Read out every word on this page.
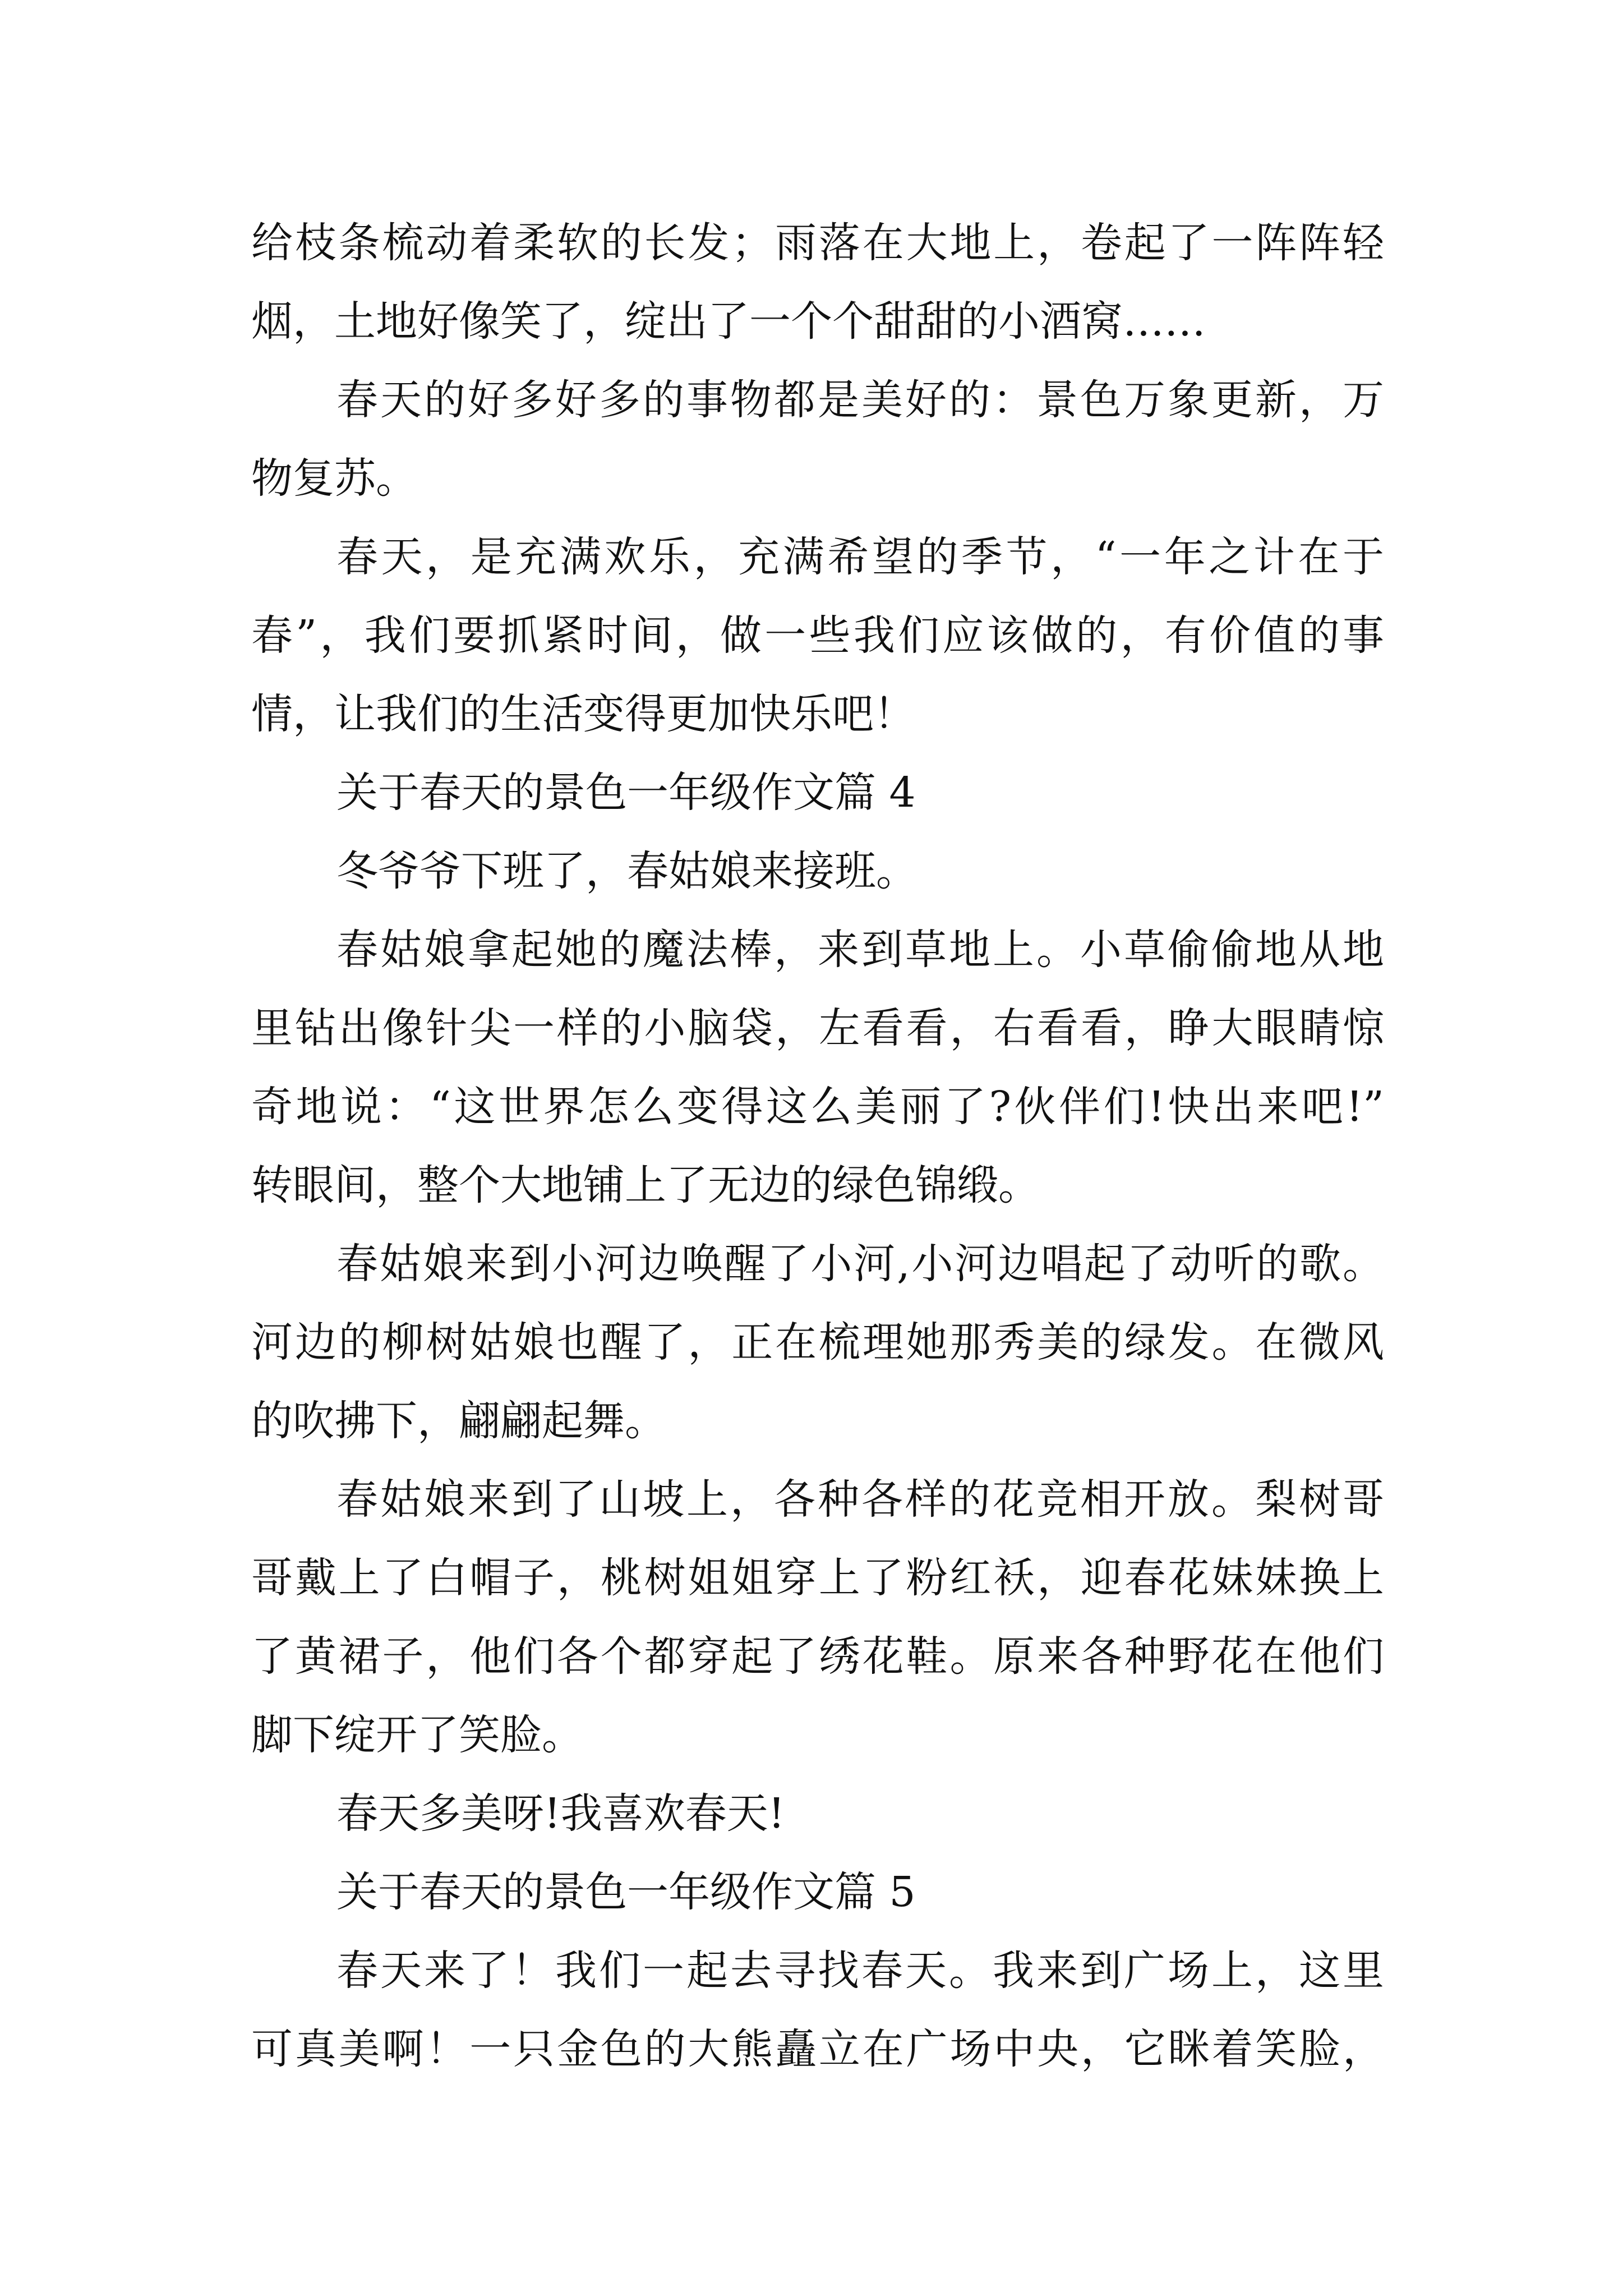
给枝条梳动着柔软的长发；雨落在大地上，卷起了一阵阵轻
烟，土地好像笑了，绽出了一个个甜甜的小酒窝……
春天的好多好多的事物都是美好的：景色万象更新，万
物复苏。
春天，是充满欢乐，充满希望的季节，“一年之计在于
春”，我们要抓紧时间，做一些我们应该做的，有价值的事
情，让我们的生活变得更加快乐吧！
关于春天的景色一年级作文篇 4
冬爷爷下班了，春姑娘来接班。
春姑娘拿起她的魔法棒，来到草地上。小草偷偷地从地
里钻出像针尖一样的小脑袋，左看看，右看看，睁大眼睛惊
奇地说：“这世界怎么变得这么美丽了?伙伴们!快出来吧!”
转眼间，整个大地铺上了无边的绿色锦缎。
春姑娘来到小河边唤醒了小河,小河边唱起了动听的歌。
河边的柳树姑娘也醒了，正在梳理她那秀美的绿发。在微风
的吹拂下，翩翩起舞。
春姑娘来到了山坡上，各种各样的花竞相开放。梨树哥
哥戴上了白帽子，桃树姐姐穿上了粉红袄，迎春花妹妹换上
了黄裙子，他们各个都穿起了绣花鞋。原来各种野花在他们
脚下绽开了笑脸。
春天多美呀!我喜欢春天!
关于春天的景色一年级作文篇 5
春天来了！我们一起去寻找春天。我来到广场上，这里
可真美啊！一只金色的大熊矗立在广场中央，它眯着笑脸，
